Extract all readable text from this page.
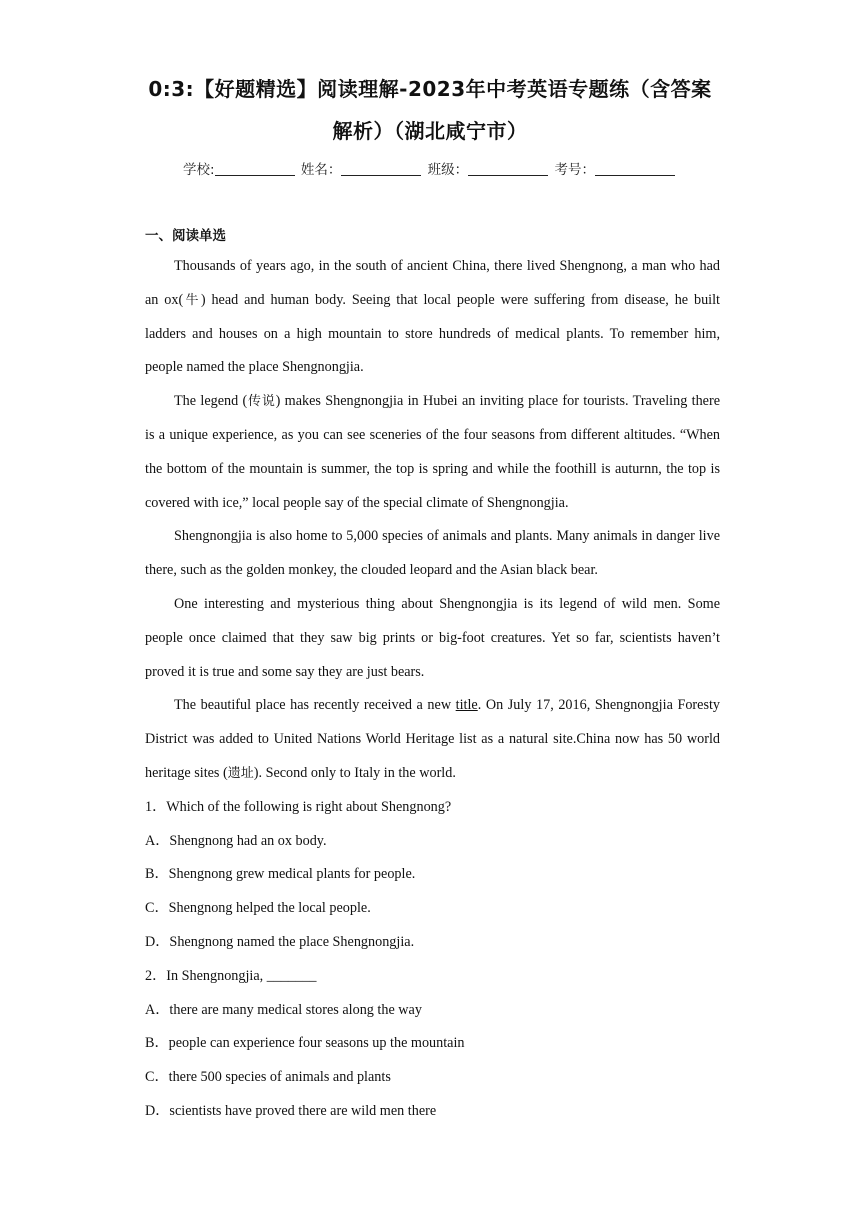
0:3:【好题精选】阅读理解-2023年中考英语专题练（含答案
解析）（湖北咸宁市）
学校:	姓名：	班级：	考号：
一、阅读单选

Thousands of years ago, in the south of ancient China, there lived Shengnong, a man who had an ox(牛) head and human body. Seeing that local people were suffering from disease, he built ladders and houses on a high mountain to store hundreds of medical plants. To remember him, people named the place Shengnongjia.

The legend (传说) makes Shengnongjia in Hubei an inviting place for tourists. Traveling there is a unique experience, as you can see sceneries of the four seasons from different altitudes. “When the bottom of the mountain is summer, the top is spring and while the foothill is auturnn, the top is covered with ice,” local people say of the special climate of Shengnongjia.

Shengnongjia is also home to 5,000 species of animals and plants. Many animals in danger live there, such as the golden monkey, the clouded leopard and the Asian black bear.

One interesting and mysterious thing about Shengnongjia is its legend of wild men. Some people once claimed that they saw big prints or big-foot creatures. Yet so far, scientists haven’t proved it is true and some say they are just bears.

The beautiful place has recently received a new title. On July 17, 2016, Shengnongjia Foresty District was added to United Nations World Heritage list as a natural site.China now has 50 world heritage sites (遗址). Second only to Italy in the world.

1．Which of the following is right about Shengnong?

A．Shengnong had an ox body.

B．Shengnong grew medical plants for people.

C．Shengnong helped the local people.

D．Shengnong named the place Shengnongjia.

2．In Shengnongjia, _______

A．there are many medical stores along the way

B．people can experience four seasons up the mountain

C．there 500 species of animals and plants

D．scientists have proved there are wild men there
